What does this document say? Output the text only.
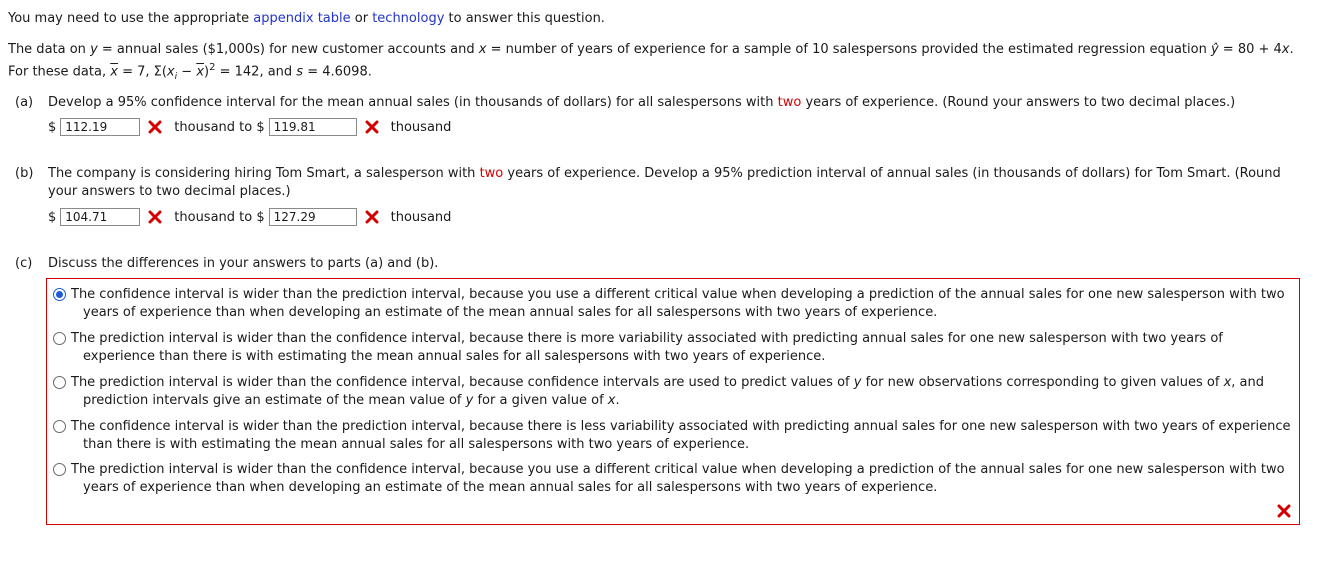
You may need to use the appropriate appendix table or technology to answer this question.
The data on y = annual sales ($1,000s) for new customer accounts and x = number of years of experience for a sample of 10 salespersons provided the estimated regression equation ŷ = 80 + 4x.
For these data, $\overline{x} = 7$, $\Sigma(x_i - \overline{x})^2 = 142$, and s = 4.6098.
(a) Develop a 95% confidence interval for the mean annual sales (in thousands of dollars) for all salespersons with two years of experience. (Round your answers to two decimal places.)
$
112.19	thousand to $
119.81	thousand
(b) The company is considering hiring Tom Smart, a salesperson with two years of experience. Develop a 95% prediction interval of annual sales (in thousands of dollars) for Tom Smart. (Round
your answers to two decimal places.)
$
104.71	thousand to $
127.29	thousand
(c) Discuss the differences in your answers to parts (a) and (b).
The confidence interval is wider than the prediction interval, because you use a different critical value when developing a prediction of the annual sales for one new salesperson with two
years of experience than when developing an estimate of the mean annual sales for all salespersons with two years of experience.
The prediction interval is wider than the confidence interval, because there is more variability associated with predicting annual sales for one new salesperson with two years of
experience than there is with estimating the mean annual sales for all salespersons with two years of experience.
The prediction interval is wider than the confidence interval, because confidence intervals are used to predict values of y for new observations corresponding to given values of x, and
prediction intervals give an estimate of the mean value of y for a given value of x.
The confidence interval is wider than the prediction interval, because there is less variability associated with predicting annual sales for one new salesperson with two years of experience
than there is with estimating the mean annual sales for all salespersons with two years of experience.
The prediction interval is wider than the confidence interval, because you use a different critical value when developing a prediction of the annual sales for one new salesperson with two
years of experience than when developing an estimate of the mean annual sales for all salespersons with two years of experience.
